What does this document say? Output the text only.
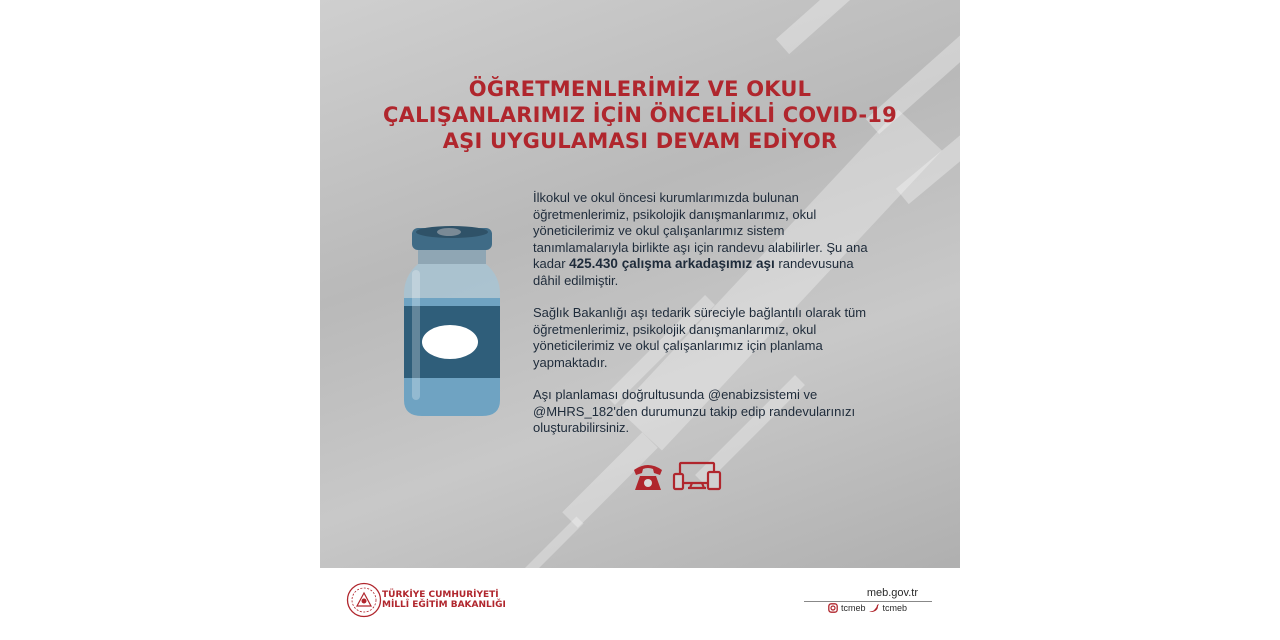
ÖĞRETMENLERİMİZ VE OKUL
ÇALIŞANLARIMIZ İÇİN ÖNCELİKLİ COVID-19
AŞI UYGULAMASI DEVAM EDİYOR

İlkokul ve okul öncesi kurumlarımızda bulunan öğretmenlerimiz, psikolojik danışmanlarımız, okul yöneticilerimiz ve okul çalışanlarımız sistem tanımlamalarıyla birlikte aşı için randevu alabilirler. Şu ana kadar 425.430 çalışma arkadaşımız aşı randevusuna dâhil edilmiştir.

Sağlık Bakanlığı aşı tedarik süreciyle bağlantılı olarak tüm öğretmenlerimiz, psikolojik danışmanlarımız, okul yöneticilerimiz ve okul çalışanlarımız için planlama yapmaktadır.

Aşı planlaması doğrultusunda @enabizsistemi ve @MHRS_182'den durumunzu takip edip randevularınızı oluşturabilirsiniz.

TÜRKİYE CUMHURİYETİ
MİLLÎ EĞİTİM BAKANLIĞI
meb.gov.tr
tcmeb tcmeb
